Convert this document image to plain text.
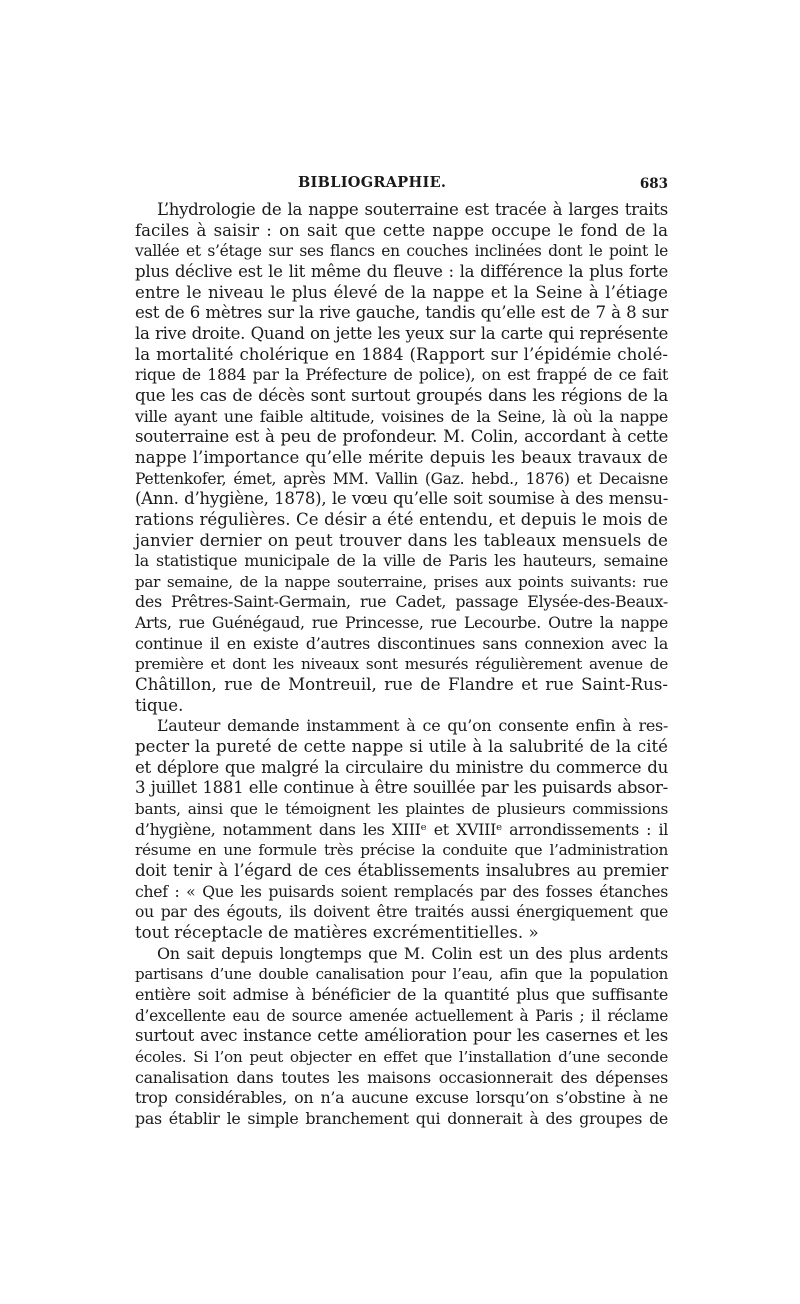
BIBLIOGRAPHIE.	683

L’hydrologie de la nappe souterraine est tracée à larges traits
faciles à saisir : on sait que cette nappe occupe le fond de la
vallée et s’étage sur ses flancs en couches inclinées dont le point le
plus déclive est le lit même du fleuve : la différence la plus forte
entre le niveau le plus élevé de la nappe et la Seine à l’étiage
est de 6 mètres sur la rive gauche, tandis qu’elle est de 7 à 8 sur
la rive droite. Quand on jette les yeux sur la carte qui représente
la mortalité cholérique en 1884 (Rapport sur l’épidémie cholé-
rique de 1884 par la Préfecture de police), on est frappé de ce fait
que les cas de décès sont surtout groupés dans les régions de la
ville ayant une faible altitude, voisines de la Seine, là où la nappe
souterraine est à peu de profondeur. M. Colin, accordant à cette
nappe l’importance qu’elle mérite depuis les beaux travaux de
Pettenkofer, émet, après MM. Vallin (Gaz. hebd., 1876) et Decaisne
(Ann. d’hygiène, 1878), le vœu qu’elle soit soumise à des mensu-
rations régulières. Ce désir a été entendu, et depuis le mois de
janvier dernier on peut trouver dans les tableaux mensuels de
la statistique municipale de la ville de Paris les hauteurs, semaine
par semaine, de la nappe souterraine, prises aux points suivants: rue
des Prêtres-Saint-Germain, rue Cadet, passage Elysée-des-Beaux-
Arts, rue Guénégaud, rue Princesse, rue Lecourbe. Outre la nappe
continue il en existe d’autres discontinues sans connexion avec la
première et dont les niveaux sont mesurés régulièrement avenue de
Châtillon, rue de Montreuil, rue de Flandre et rue Saint-Rus-
tique.

L’auteur demande instamment à ce qu’on consente enfin à res-
pecter la pureté de cette nappe si utile à la salubrité de la cité
et déplore que malgré la circulaire du ministre du commerce du
3 juillet 1881 elle continue à être souillée par les puisards absor-
bants, ainsi que le témoignent les plaintes de plusieurs commissions
d’hygiène, notamment dans les XIIIᵉ et XVIIIᵉ arrondissements : il
résume en une formule très précise la conduite que l’administration
doit tenir à l’égard de ces établissements insalubres au premier
chef : « Que les puisards soient remplacés par des fosses étanches
ou par des égouts, ils doivent être traités aussi énergiquement que
tout réceptacle de matières excrémentitielles. »

On sait depuis longtemps que M. Colin est un des plus ardents
partisans d’une double canalisation pour l’eau, afin que la population
entière soit admise à bénéficier de la quantité plus que suffisante
d’excellente eau de source amenée actuellement à Paris ; il réclame
surtout avec instance cette amélioration pour les casernes et les
écoles. Si l’on peut objecter en effet que l’installation d’une seconde
canalisation dans toutes les maisons occasionnerait des dépenses
trop considérables, on n’a aucune excuse lorsqu’on s’obstine à ne
pas établir le simple branchement qui donnerait à des groupes de
